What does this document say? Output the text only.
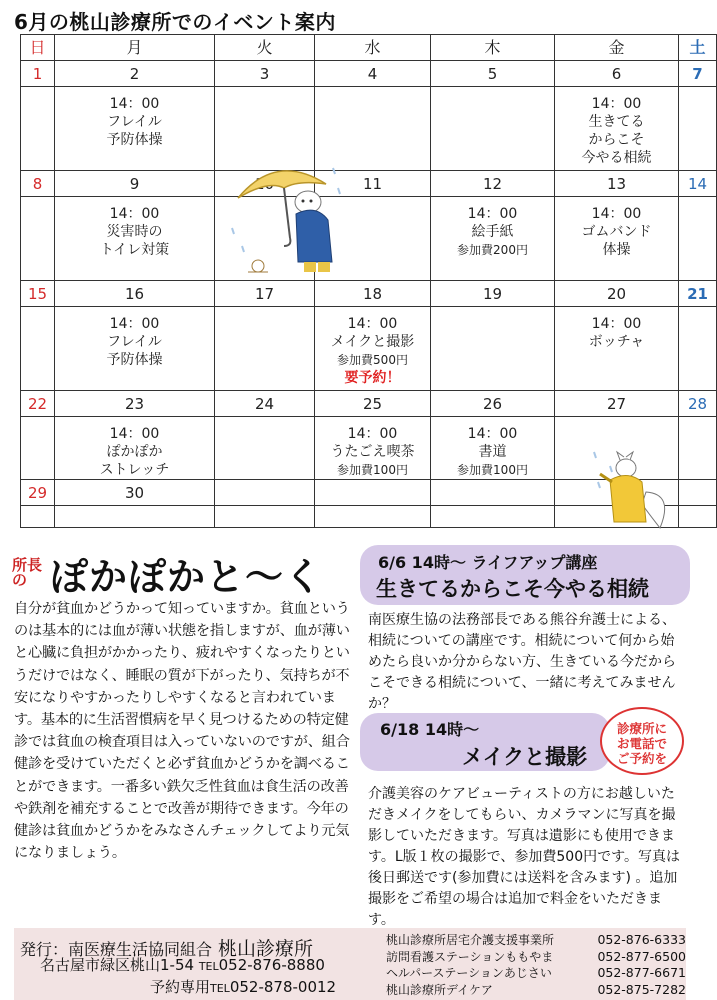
6月の桃山診療所でのイベント案内
日	月	火	水	木	金	土
1	2	3	4	5	6	7

	14：00
フレイル
予防体操				14：00
生きてる
からこそ
今やる相続	

8	9		11	12	13	14

	14：00
災害時の
トイレ対策			14：00
絵手紙
参加費200円	14：00
ゴムバンド
体操	

15	16	17	18	19	20	21

	14：00
フレイル
予防体操		14：00
メイクと撮影
参加費500円
要予約！		14：00
ボッチャ	

22	23	24	25	26	27	28

	14：00
ぽかぽか
ストレッチ		14：00
うたごえ喫茶
参加費100円	14：00
書道
参加費100円		

29	30					

所長の ぽかぽかと～く
自分が貧血かどうかって知っていますか。貧血というのは基本的には血が薄い状態を指しますが、血が薄いと心臓に負担がかかったり、疲れやすくなったりというだけではなく、睡眠の質が下がったり、気持ちが不安になりやすかったりしやすくなると言われています。基本的に生活習慣病を早く見つけるための特定健診では貧血の検査項目は入っていないのですが、組合健診を受けていただくと必ず貧血かどうかを調べることができます。一番多い鉄欠乏性貧血は食生活の改善や鉄剤を補充することで改善が期待できます。今年の健診は貧血かどうかをみなさんチェックしてより元気になりましょう。
6/6 14時～ ライフアップ講座
生きてるからこそ今やる相続
南医療生協の法務部長である熊谷弁護士による、相続についての講座です。相続について何から始めたら良いか分からない方、生きている今だからこそできる相続について、一緒に考えてみませんか？
6/18 14時～
メイクと撮影
診療所に
お電話で
ご予約を
介護美容のケアビューティストの方にお越しいただきメイクをしてもらい、カメラマンに写真を撮影していただきます。写真は遺影にも使用できます。L版１枚の撮影で、参加費500円です。写真は後日郵送です(参加費には送料を含みます) 。追加撮影をご希望の場合は追加で料金をいただきます。
発行：南医療生活協同組合 桃山診療所
名古屋市緑区桃山1-54 TEL052-876-8880
予約専用TEL052-878-0012
桃山診療所居宅介護支援事業所	052-876-6333
訪問看護ステーションももやま	052-877-6500
ヘルパーステーションあじさい	052-877-6671
桃山診療所デイケア	052-875-7282
